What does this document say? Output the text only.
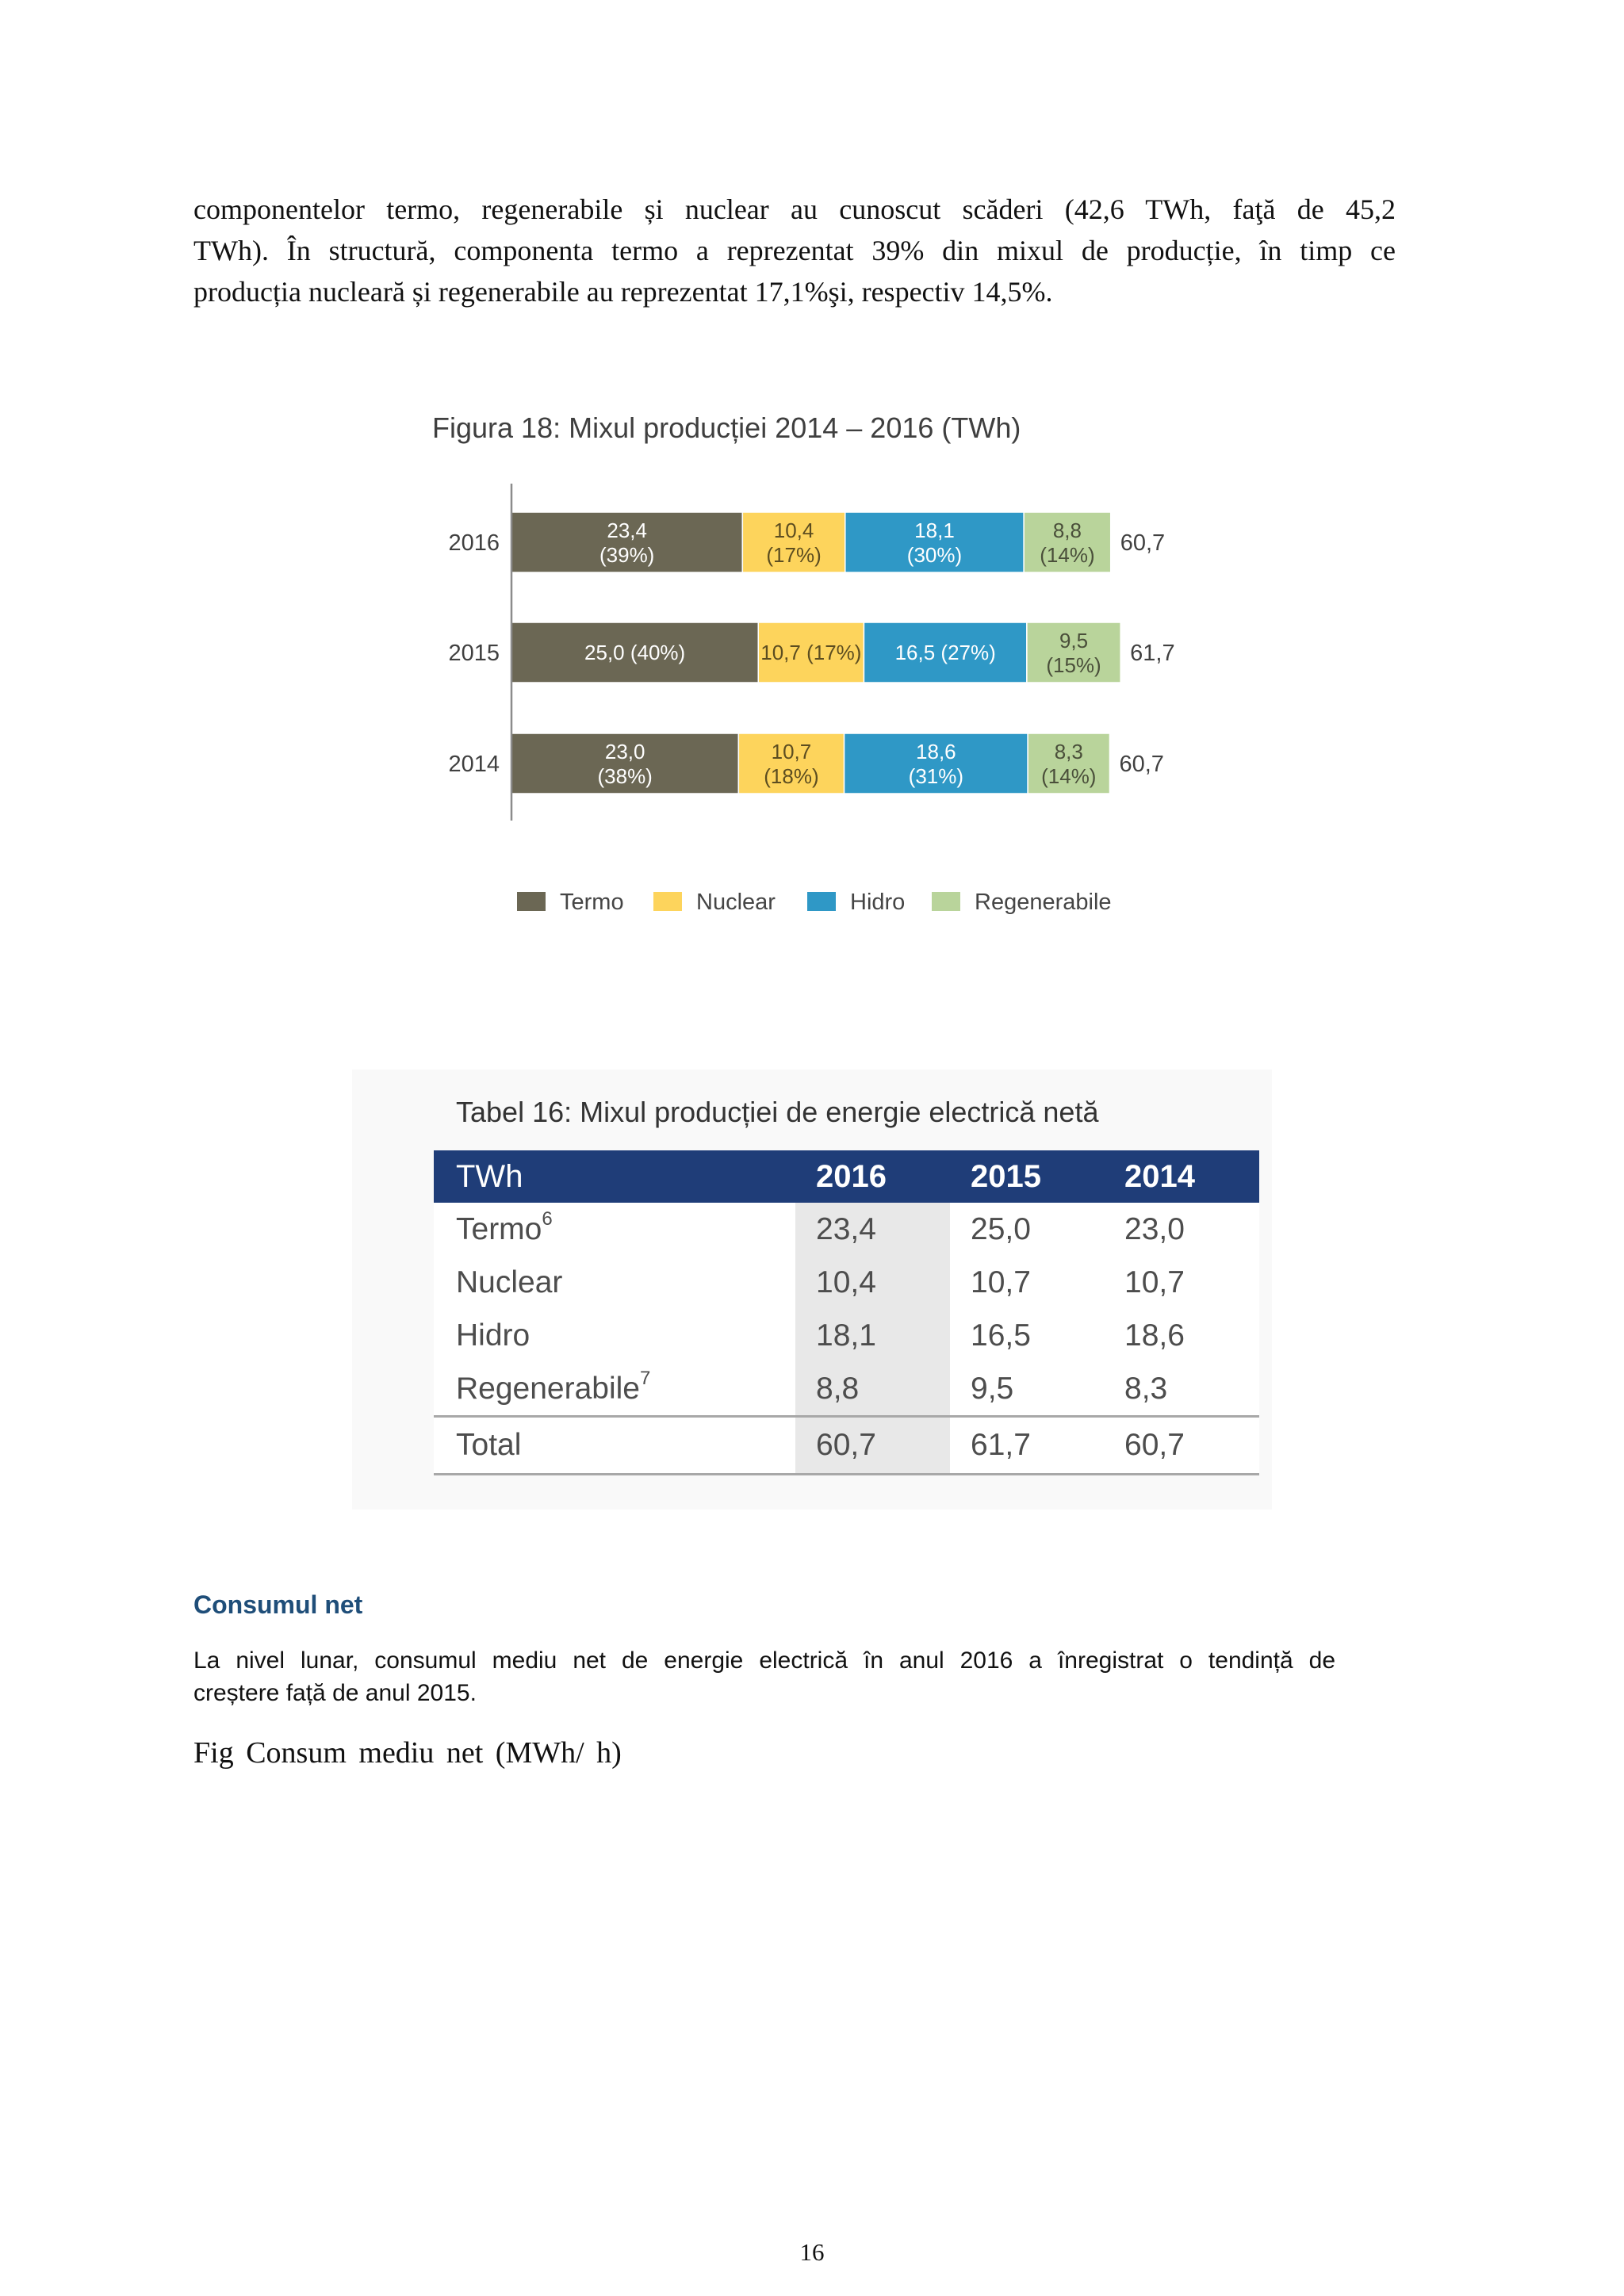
componentelor termo, regenerabile și nuclear au cunoscut scăderi (42,6 TWh, faţă de 45,2
TWh). În structură, componenta termo a reprezentat 39% din mixul de producție, în timp ce
producția nucleară și regenerabile au reprezentat 17,1%şi, respectiv 14,5%.
Figura 18: Mixul producției 2014 – 2016 (TWh)
2016	23,4 (39%)
10,4 (17%)
18,1 (30%)
8,8 (14%) 60,7
2015	25,0 (40%)	10,7 (17%) 16,5 (27%)	9,5 (15%) 61,7
2014	23,0 (38%)
10,7 (18%)
18,6 (31%)
8,3 (14%) 60,7
Termo	Nuclear	Hidro	Regenerabile
Tabel 16: Mixul producției de energie electrică netă
TWh	2016	2015	2014
Termo$^6$	23,4	25,0	23,0
Nuclear	10,4	10,7	10,7
Hidro	18,1	16,5	18,6
Regenerabile$^7$	8,8	9,5	8,3
Total	60,7	61,7	60,7
Consumul net
La nivel lunar, consumul mediu net de energie electrică în anul 2016 a înregistrat o tendință de
creștere față de anul 2015.
Fig Consum mediu net (MWh/ h)
16
